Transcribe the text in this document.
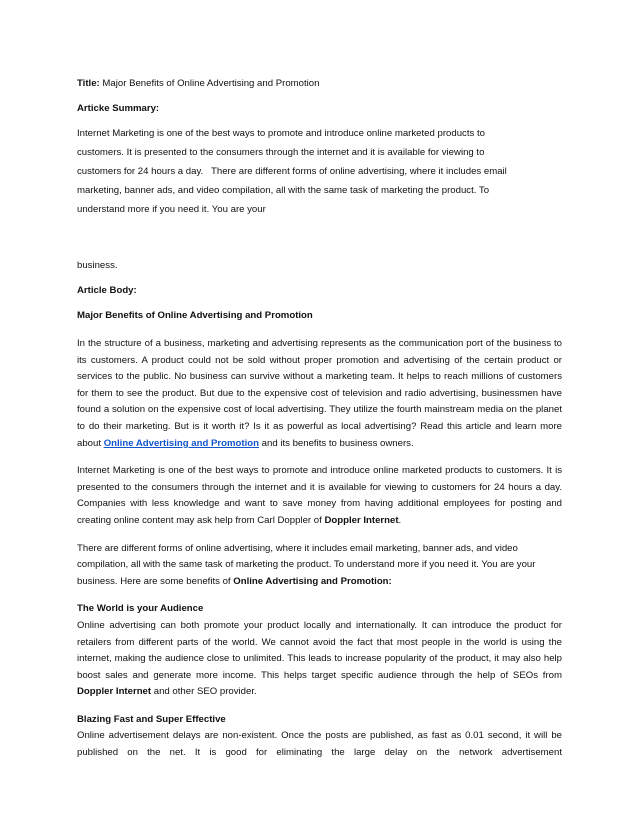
Title: Major Benefits of Online Advertising and Promotion

Articke Summary:

Internet Marketing is one of the best ways to promote and introduce online marketed products to

customers. It is presented to the consumers through the internet and it is available for viewing to

customers for 24 hours a day.   There are different forms of online advertising, where it includes email

marketing, banner ads, and video compilation, all with the same task of marketing the product. To

understand more if you need it. You are your

business.

Article Body:

Major Benefits of Online Advertising and Promotion

In the structure of a business, marketing and advertising represents as the communication port of the business to its customers. A product could not be sold without proper promotion and advertising of the certain product or services to the public. No business can survive without a marketing team. It helps to reach millions of customers for them to see the product. But due to the expensive cost of television and radio advertising, businessmen have found a solution on the expensive cost of local advertising. They utilize the fourth mainstream media on the planet to do their marketing. But is it worth it? Is it as powerful as local advertising? Read this article and learn more about Online Advertising and Promotion and its benefits to business owners.

Internet Marketing is one of the best ways to promote and introduce online marketed products to customers. It is presented to the consumers through the internet and it is available for viewing to customers for 24 hours a day. Companies with less knowledge and want to save money from having additional employees for posting and creating online content may ask help from Carl Doppler of Doppler Internet.

There are different forms of online advertising, where it includes email marketing, banner ads, and video compilation, all with the same task of marketing the product. To understand more if you need it. You are your business. Here are some benefits of Online Advertising and Promotion:

The World is your Audience

Online advertising can both promote your product locally and internationally. It can introduce the product for retailers from different parts of the world. We cannot avoid the fact that most people in the world is using the internet, making the audience close to unlimited. This leads to increase popularity of the product, it may also help boost sales and generate more income. This helps target specific audience through the help of SEOs from Doppler Internet and other SEO provider.

Blazing Fast and Super Effective

Online advertisement delays are non-existent. Once the posts are published, as fast as 0.01 second, it will be published on the net. It is good for eliminating the large delay on the network advertisement
